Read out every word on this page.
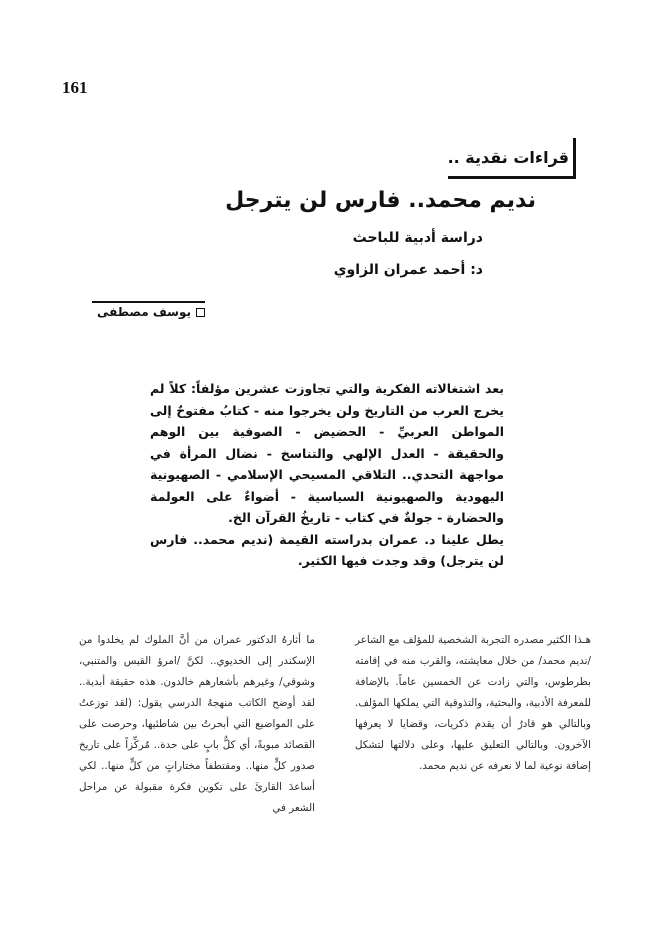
161
قراءات نقدية ..
نديم محمد.. فارس لن يترجل
دراسة أدبية للباحث
د: أحمد عمران الزاوي
يوسف مصطفى

بعد اشتغالاته الفكرية والتي تجاوزت عشرين مؤلفاً: كلاً لم يخرج العرب من التاريخ ولن يخرجوا منه - كتابُ مفتوحٌ إلى المواطن العربيِّ - الحضيض - الصوفية بين الوهم والحقيقة - العدل الإلهي والتناسخ - نضال المرأة في مواجهة التحدي.. التلاقي المسيحي الإسلامي - الصهيونية اليهودية والصهيونية السياسية - أضواءٌ على العولمة والحضارة - جولةٌ في كتاب - تاريخُ القرآن الخ.

يطل علينا د. عمران بدراسته القيمة (نديم محمد.. فارس لن يترجل) وقد وجدت فيها الكثير.

هـذا الكثير مصدره التجربة الشخصية للمؤلف مع الشاعر /نديم محمد/ من خلال معايشته، والقرب منه في إقامته بطرطوس، والتي زادت عن الخمسين عاماً. بالإضافة للمعرفة الأدبية، والبحثية، والتذوقية التي يملكها المؤلف. وبالتالي هو قادرٌ أن يقدم ذكريات، وقضايا لا يعرفها الآخرون. وبالتالي التعليق عليها، وعلى دلالتها لتشكل إضافة نوعية لما لا نعرفه عن نديم محمد.

ما أثارهُ الدكتور عمران من أنَّ الملوك لم يخلدوا من الإسكندر إلى الخديوي.. لكنَّ /امرؤ القيس والمتنبي، وشوقي/ وغيرهم بأشعارهم خالدون. هذه حقيقة أبدية.. لقد أوضح الكاتب منهجهُ الدرسي يقول: (لقد توزعتُ على المواضيع التي أبحرتُ بين شاطئيها، وحرصت على القصائد مبوبةً، أي كلٌّ بابٍ على حدة.. مُركِّزاً على تاريخ صدور كلٍّ منها.. ومقتطفاً مختاراتٍ من كلٍّ منها.. لكي أساعدَ القارئَ على تكوين فكرة مقبولة عن مراحل الشعر في
